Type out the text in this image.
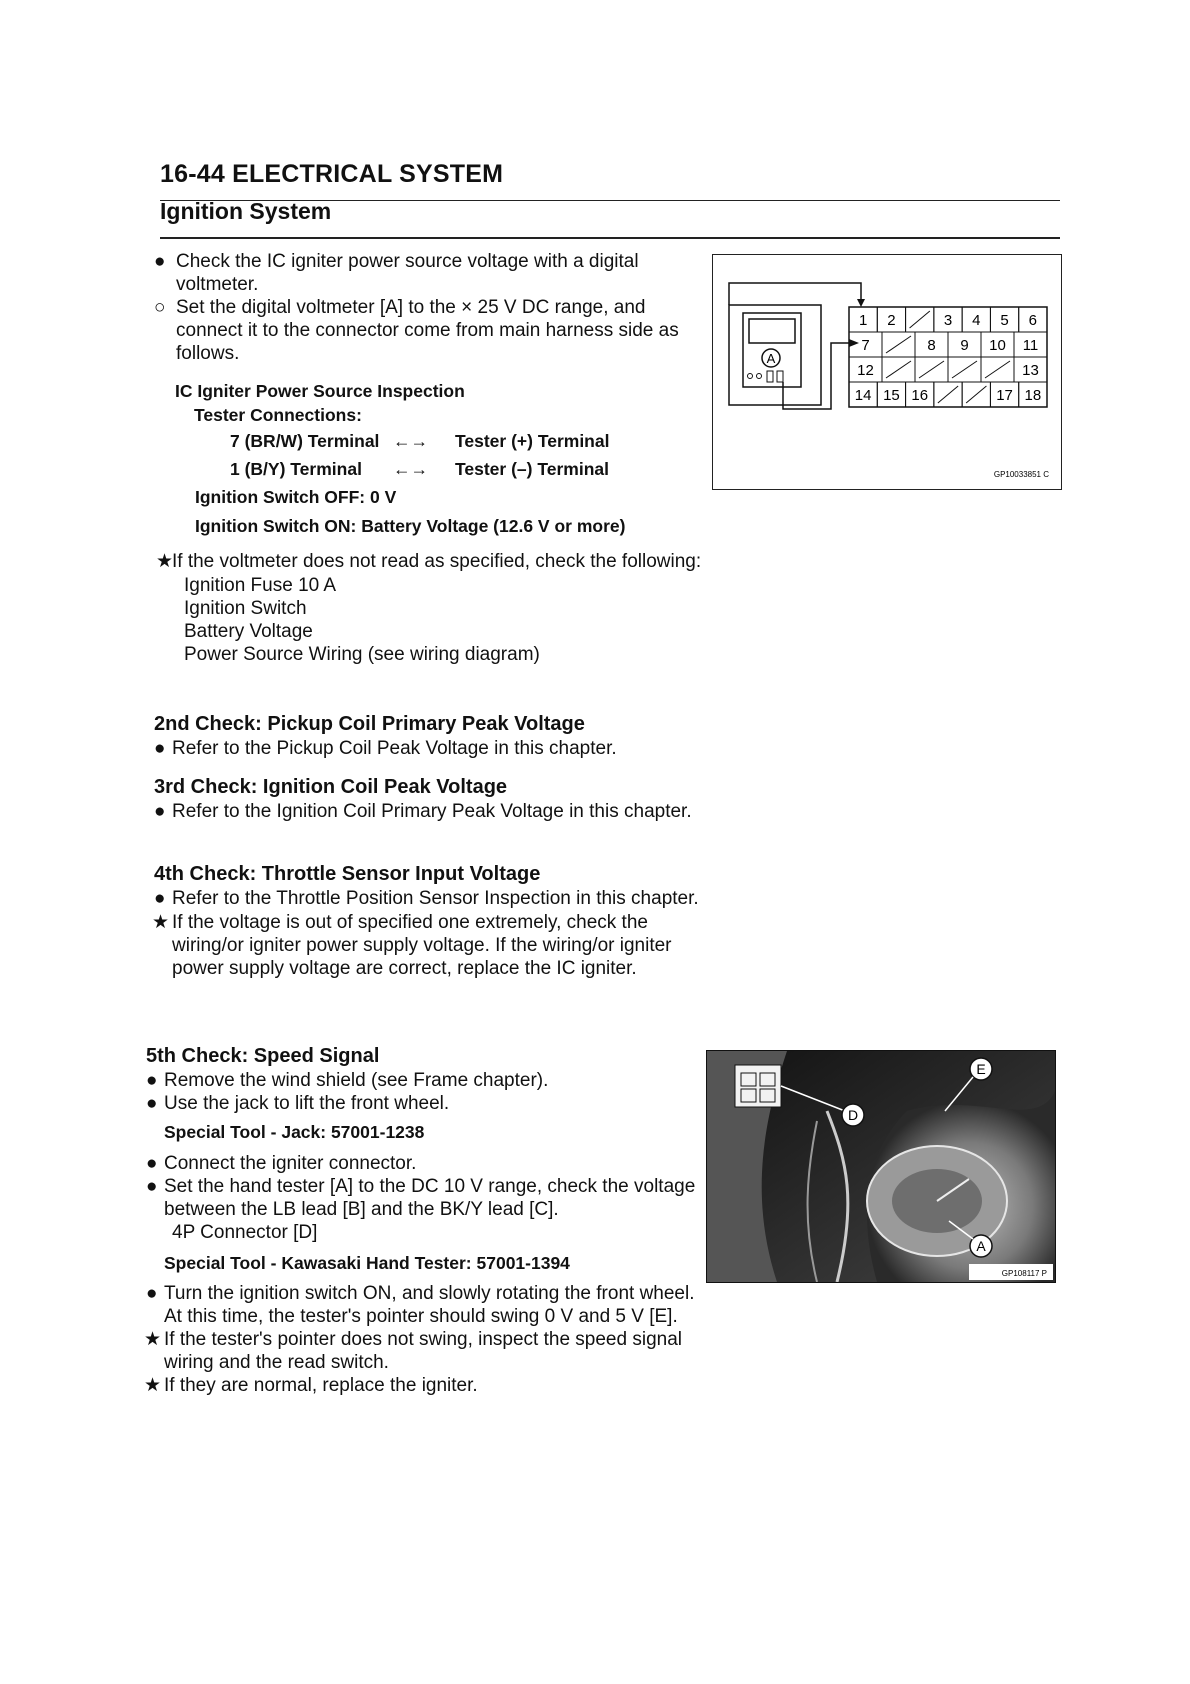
16-44 ELECTRICAL SYSTEM
Ignition System

● Check the IC igniter power source voltage with a digital voltmeter.

○ Set the digital voltmeter [A] to the × 25 V DC range, and connect it to the connector come from main harness side as follows.

IC Igniter Power Source Inspection
Tester Connections:
7 (BR/W) Terminal ←→ Tester (+) Terminal
1 (B/Y) Terminal ←→ Tester (–) Terminal
Ignition Switch OFF: 0 V
Ignition Switch ON: Battery Voltage (12.6 V or more)

★
If the voltmeter does not read as specified, check the following:

Ignition Fuse 10 A
Ignition Switch
Battery Voltage
Power Source Wiring (see wiring diagram)
2nd Check: Pickup Coil Primary Peak Voltage

● Refer to the Pickup Coil Peak Voltage in this chapter.

3rd Check: Ignition Coil Peak Voltage

● Refer to the Ignition Coil Primary Peak Voltage in this chapter.

4th Check: Throttle Sensor Input Voltage

● Refer to the Throttle Position Sensor Inspection in this chapter.

★ If the voltage is out of specified one extremely, check the wiring/or igniter power supply voltage. If the wiring/or igniter power supply voltage are correct, replace the IC igniter.

5th Check: Speed Signal

● Remove the wind shield (see Frame chapter).

● Use the jack to lift the front wheel.

Special Tool - Jack: 57001-1238

● Connect the igniter connector.

● Set the hand tester [A] to the DC 10 V range, check the voltage between the LB lead [B] and the BK/Y lead [C].

4P Connector [D]
Special Tool - Kawasaki Hand Tester: 57001-1394

● Turn the ignition switch ON, and slowly rotating the front wheel. At this time, the tester's pointer should swing 0 V and 5 V [E].

★ If the tester's pointer does not swing, inspect the speed signal wiring and the read switch.

★ If they are normal, replace the igniter.

A
1 2	3 4 5 6
7	8 9 10 11
12	13
14 15 16	17 18
GP10033851 C
D
E
A
GP108117 P
